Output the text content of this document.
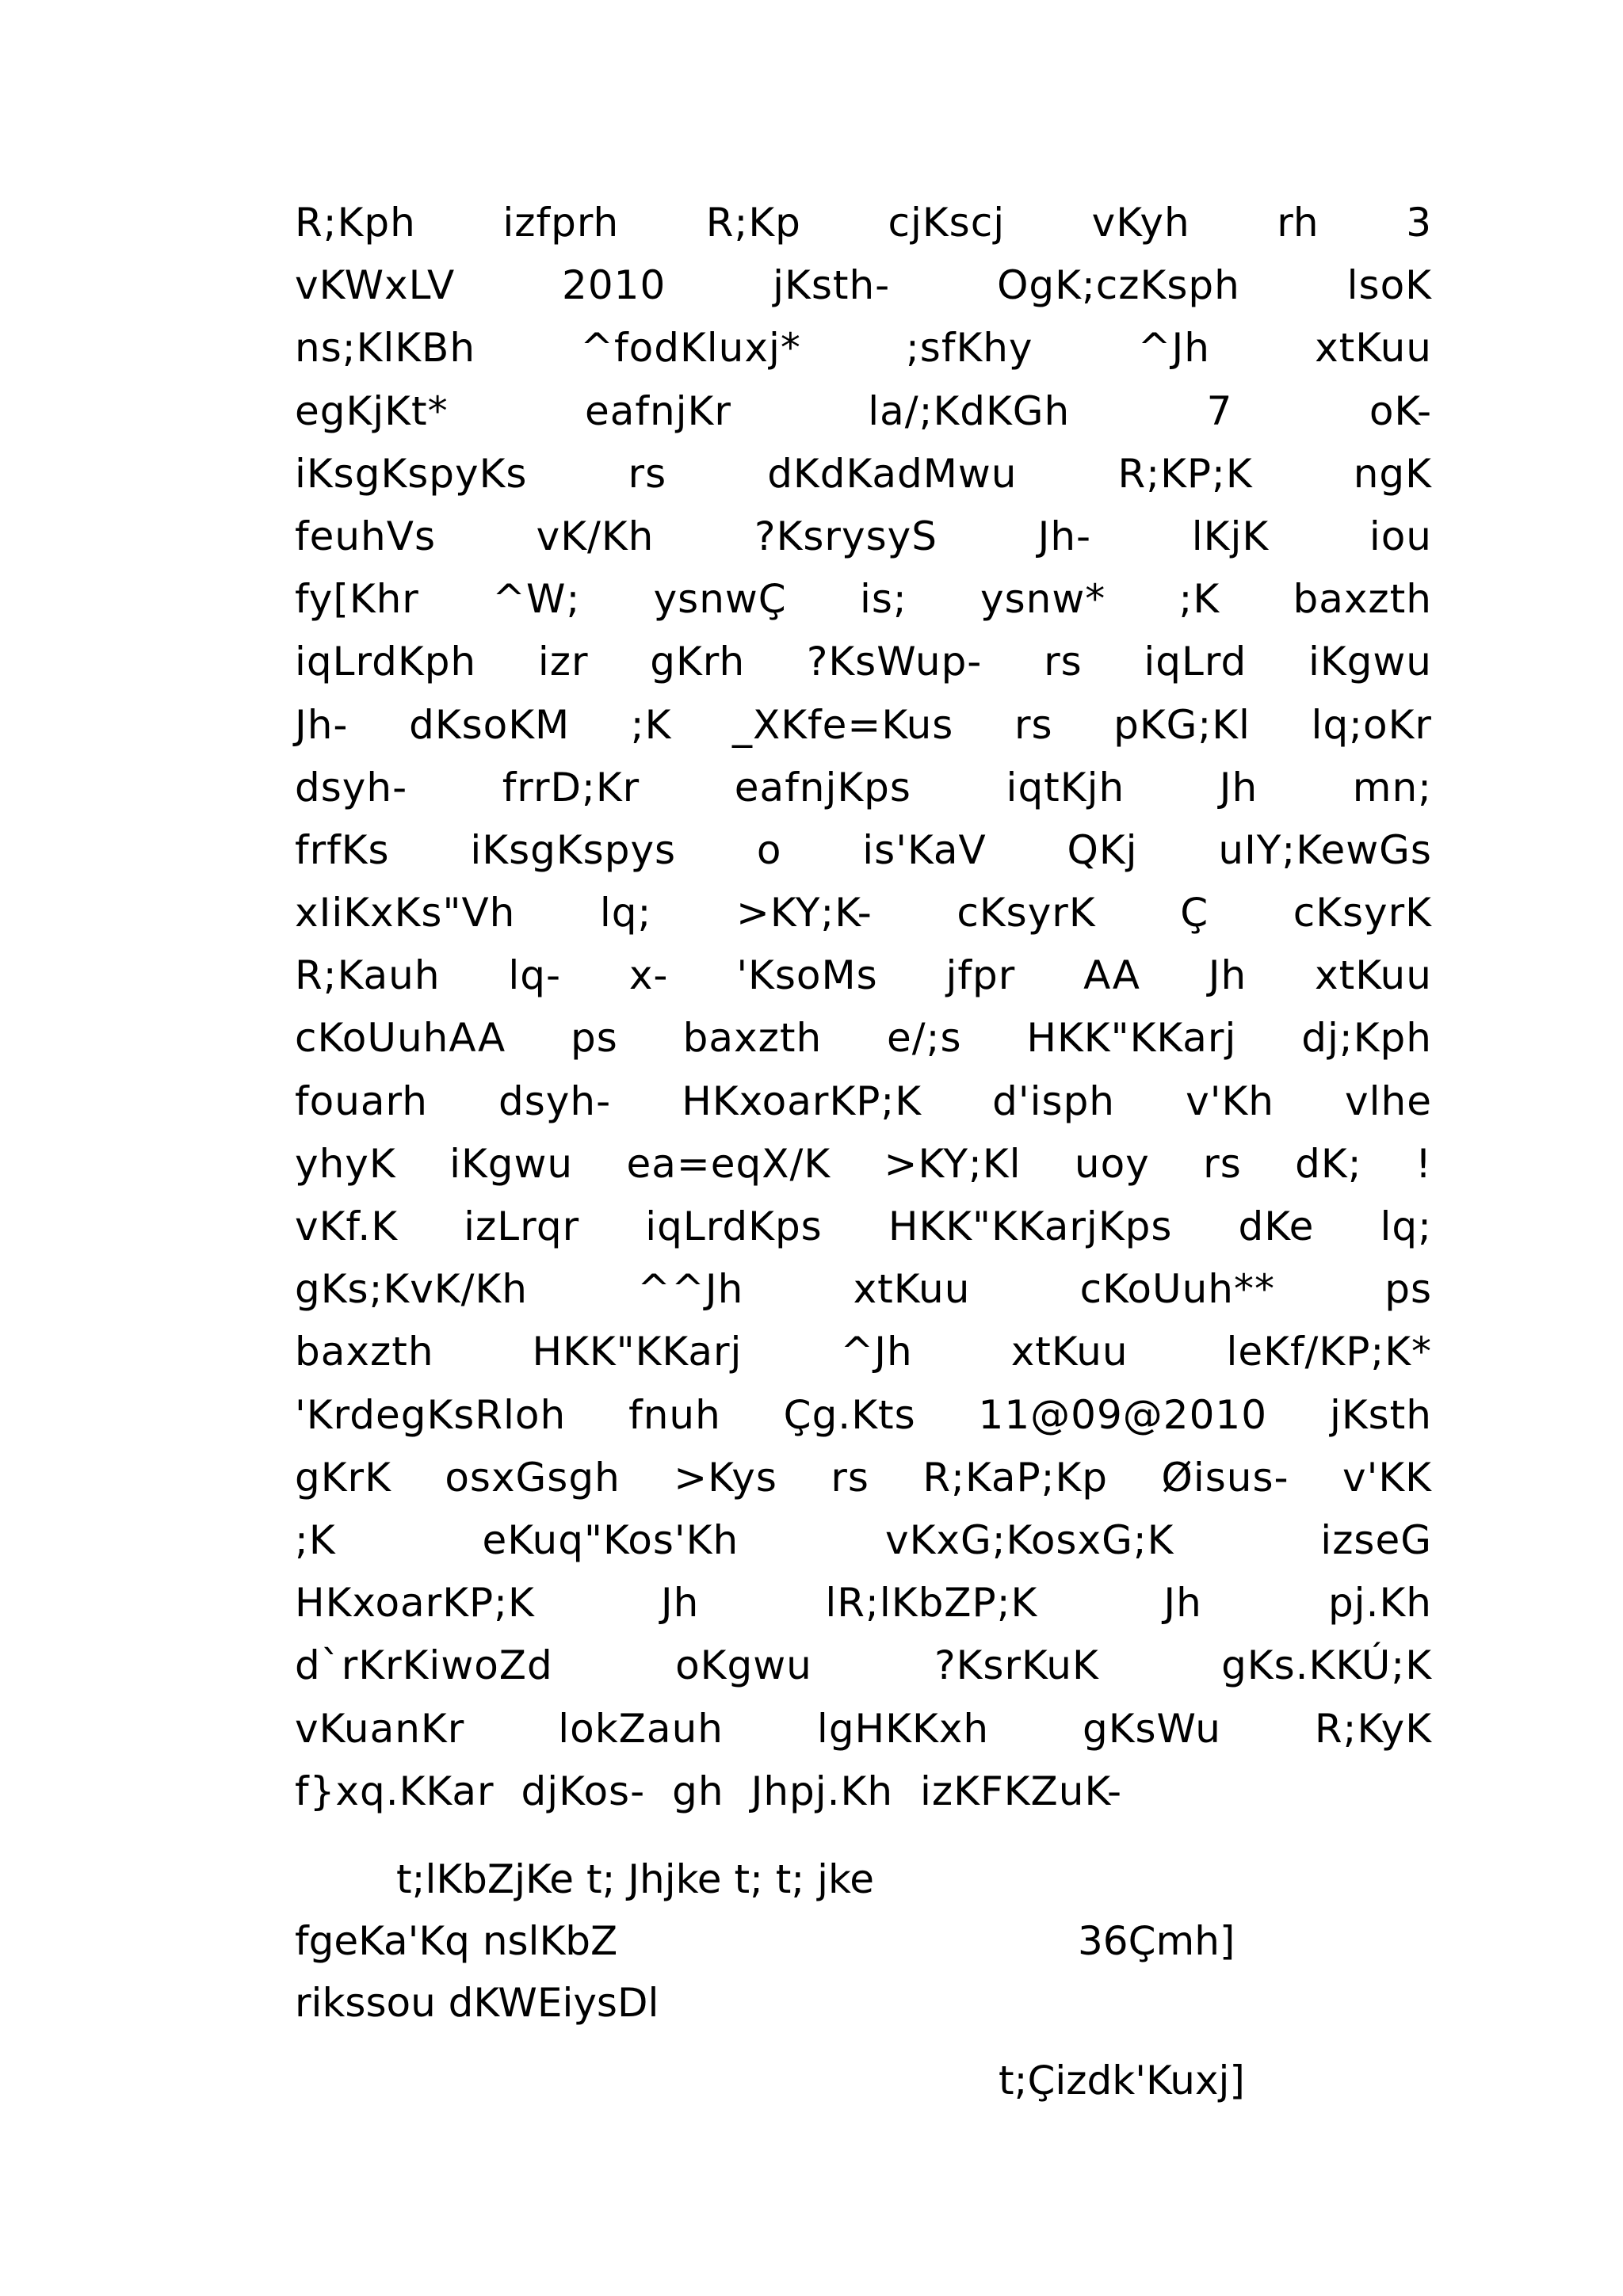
R;Kph izfprh R;Kp cjKscj vKyh rh 3
vKWxLV	2010	jKsth-	OgK;czKsph	lsoK
ns;KlKBh	^fodKluxj*	;sfKhy	^Jh	xtKuu
egKjKt*	eafnjKr	la/;KdKGh	7	oK-
iKsgKspyKs	rs	dKdKadMwu	R;KP;K	ngK
feuhVs	vK/Kh	?KsrysyS	Jh-	lKjK	iou
fy[Khr ^W; ysnwÇ is; ysnw* ;K baxzth
iqLrdKph izr gKrh ?KsWup- rs iqLrd iKgwu
Jh- dKsoKM ;K _XKfe=Kus rs pKG;Kl lq;oKr
dsyh- frrD;Kr eafnjKps iqtKjh Jh mn;
frfKs iKsgKspys o is'KaV QKj uIY;KewGs
xIiKxKs"Vh lq; >KY;K- cKsyrK Ç cKsyrK
R;Kauh lq- x- 'KsoMs jfpr AA Jh xtKuu
cKoUuhAA ps baxzth e/;s HKK"KKarj dj;Kph
fouarh dsyh- HKxoarKP;K d'isph v'Kh vlhe
yhyK iKgwu ea=eqX/K >KY;Kl uoy rs dK; !
vKf.K izLrqr iqLrdKps HKK"KKarjKps dKe lq;
gKs;KvK/Kh	^^Jh	xtKuu	cKoUuh**	ps
baxzth HKK"KKarj ^Jh xtKuu leKf/KP;K*
'KrdegKsRloh fnuh Çg.Kts 11@09@2010 jKsth
gKrK osxGsgh >Kys rs R;KaP;Kp Øisus- v'KK
;K	eKuq"Kos'Kh	vKxG;KosxG;K	izseG
HKxoarKP;K	Jh	lR;lKbZP;K	Jh	pj.Kh
d`rKrKiwoZd	oKgwu	?KsrKuK	gKs.KKÚ;K
vKuanKr lokZauh lgHKKxh gKsWu R;KyK
f}xq.KKar djKos- gh Jhpj.Kh izKFKZuK-
t;lKbZjKe t; Jhjke t; t; jke
fgeKa'Kq nslKbZ	36Çmh]
rikssou dKWEiysDl
t;Çizdk'Kuxj]
